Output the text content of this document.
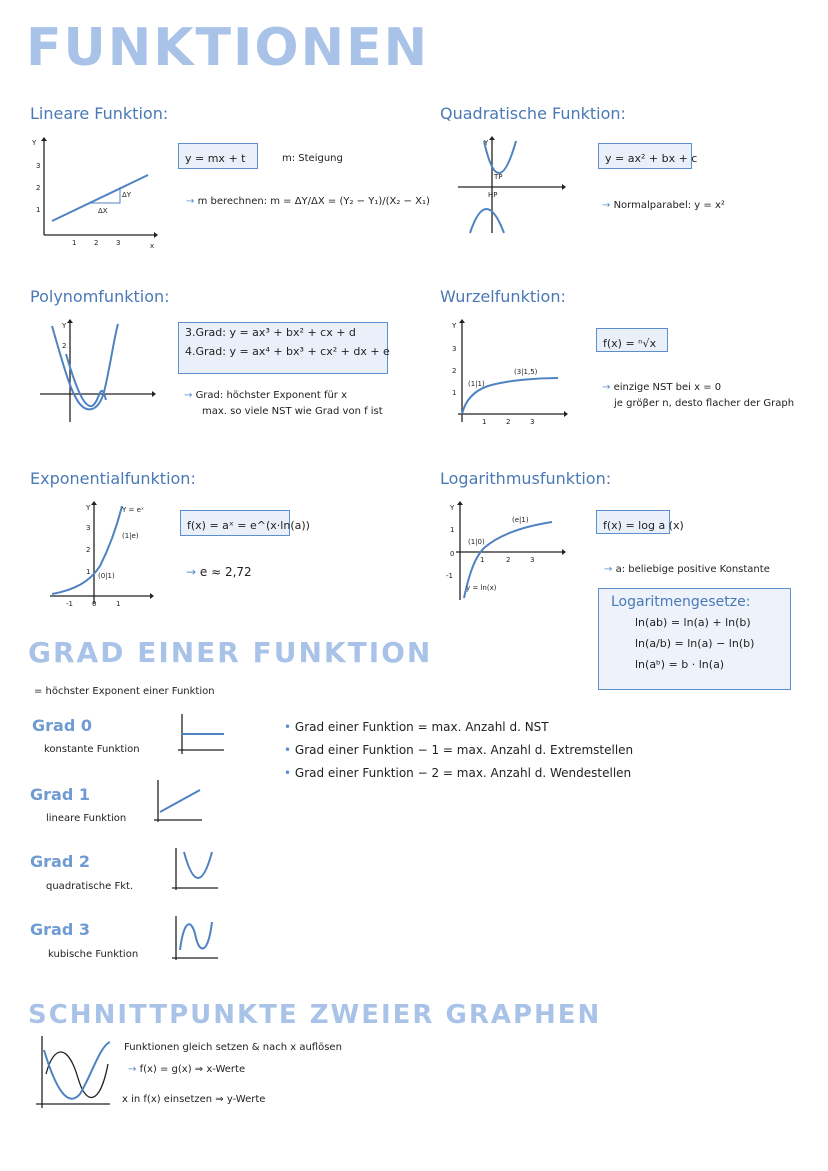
FUNKTIONEN
Lineare Funktion:
Y
x
3
2
1
1	2	3
ΔY
ΔX
y = mx + t	m: Steigung
→ m berechnen: m = ΔY/ΔX = (Y₂ − Y₁)/(X₂ − X₁)
Quadratische Funktion:
Y
TP
HP
y = ax² + bx + c
→ Normalparabel: y = x²
Polynomfunktion:
Y
2
3.Grad: y = ax³ + bx² + cx + d
4.Grad: y = ax⁴ + bx³ + cx² + dx + e
→ Grad: höchster Exponent für x
max. so viele NST wie Grad von f ist
Wurzelfunktion:
Y
3
2
1
1	2	3
(1|1)
(3|1,5)
f(x) = ⁿ√x
→ einzige NST bei x = 0
je gröβer n, desto flacher der Graph
Exponentialfunktion:
Y
3
2
1
-1	0	1
Y = eˣ
(1|e)
(0|1)
f(x) = aˣ = e^(x·ln(a))
→ e ≈ 2,72
Logarithmusfunktion:
Y
1
0
-1
1	2	3
(1|0)
(e|1)
y = ln(x)
f(x) = log a (x)
→ a: beliebige positive Konstante
Logaritmengesetze:
ln(ab) = ln(a) + ln(b)
ln(a/b) = ln(a) − ln(b)
ln(aᵇ) = b · ln(a)
GRAD EINER FUNKTION
= höchster Exponent einer Funktion
Grad 0
konstante Funktion
Grad 1
lineare Funktion
Grad 2
quadratische Fkt.
Grad 3
kubische Funktion
• Grad einer Funktion = max. Anzahl d. NST
• Grad einer Funktion − 1 = max. Anzahl d. Extremstellen
• Grad einer Funktion − 2 = max. Anzahl d. Wendestellen
SCHNITTPUNKTE ZWEIER GRAPHEN
Funktionen gleich setzen & nach x auflösen
→ f(x) = g(x) ⇒ x-Werte
x in f(x) einsetzen ⇒ y-Werte
